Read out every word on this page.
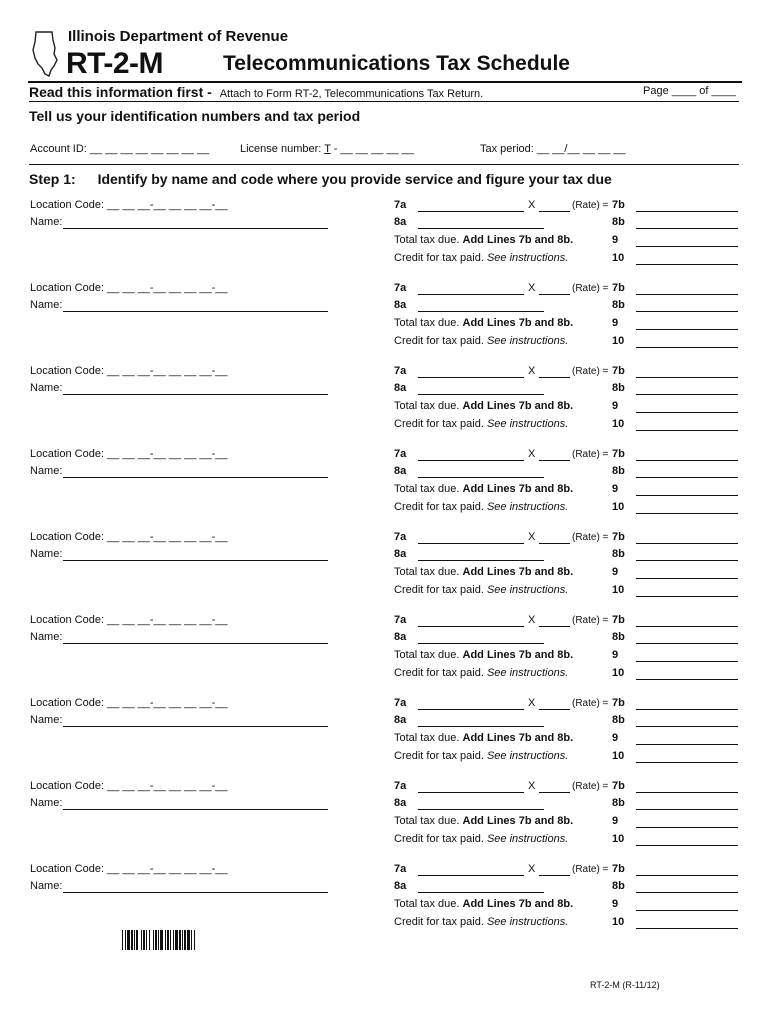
Illinois Department of Revenue
RT-2-M	Telecommunications Tax Schedule
Read this information first - Attach to Form RT-2, Telecommunications Tax Return.	Page ____ of ____
Tell us your identification numbers and tax period
Account ID: __ __ __ __ __ __ __ __	License number: T - __ __ __ __ __	Tax period: __ __/__ __ __ __
Step 1: Identify by name and code where you provide service and figure your tax due
Location Code: __ __ __-__ __ __ __-__
Name:
7a	X	(Rate) = 7b
8a	8b
Total tax due. Add Lines 7b and 8b.	9
Credit for tax paid. See instructions.	10
Location Code: __ __ __-__ __ __ __-__
Name:
7a	X	(Rate) = 7b
8a	8b
Total tax due. Add Lines 7b and 8b.	9
Credit for tax paid. See instructions.	10
Location Code: __ __ __-__ __ __ __-__
Name:
7a	X	(Rate) = 7b
8a	8b
Total tax due. Add Lines 7b and 8b.	9
Credit for tax paid. See instructions.	10
Location Code: __ __ __-__ __ __ __-__
Name:
7a	X	(Rate) = 7b
8a	8b
Total tax due. Add Lines 7b and 8b.	9
Credit for tax paid. See instructions.	10
Location Code: __ __ __-__ __ __ __-__
Name:
7a	X	(Rate) = 7b
8a	8b
Total tax due. Add Lines 7b and 8b.	9
Credit for tax paid. See instructions.	10
Location Code: __ __ __-__ __ __ __-__
Name:
7a	X	(Rate) = 7b
8a	8b
Total tax due. Add Lines 7b and 8b.	9
Credit for tax paid. See instructions.	10
Location Code: __ __ __-__ __ __ __-__
Name:
7a	X	(Rate) = 7b
8a	8b
Total tax due. Add Lines 7b and 8b.	9
Credit for tax paid. See instructions.	10
Location Code: __ __ __-__ __ __ __-__
Name:
7a	X	(Rate) = 7b
8a	8b
Total tax due. Add Lines 7b and 8b.	9
Credit for tax paid. See instructions.	10
Location Code: __ __ __-__ __ __ __-__
Name:
7a	X	(Rate) = 7b
8a	8b
Total tax due. Add Lines 7b and 8b.	9
Credit for tax paid. See instructions.	10
RT-2-M (R-11/12)
